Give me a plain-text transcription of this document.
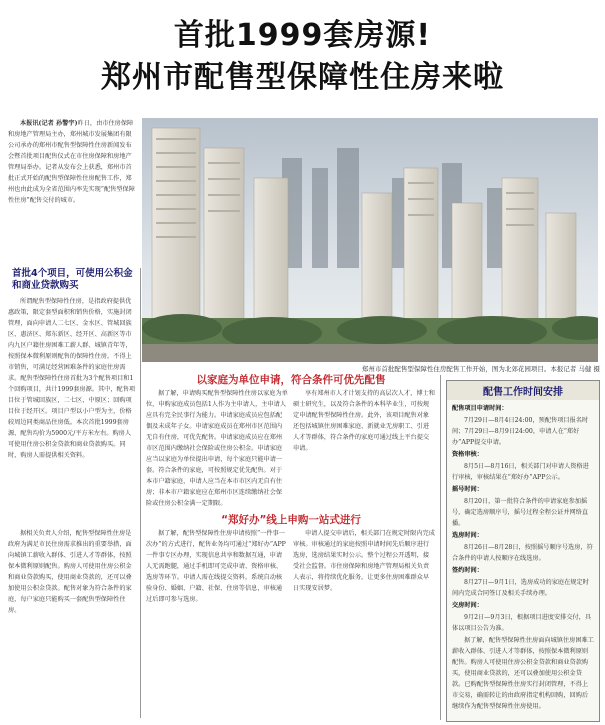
首批1999套房源!
郑州市配售型保障性住房来啦

本报讯(记者 孙警宇)昨日，由市住房保障和房地产管理局主办，郑州城市发展集团有限公司承办的郑州市配售型保障性住房新闻发布会暨首批项目配售仪式在市住房保障和房地产管理局举办。记者从发布会上获悉，郑州市首批正式开始的配售型保障性住房配售工作，郑州也由此成为全省范围内率先实现“配售型保障性住房”配售交付的城市。

郑州市首批配售型保障性住房配售工作开始，图为北郊花园项目。本报记者 马健 摄
首批4个项目，可使用公积金和商业贷款购买

所谓配售型保障性住房，是指政府提供优惠政策，限定套型面积和销售价格，实施封闭管理，面向申请人二七区、金水区、管城回族区、惠济区、郑东新区、经开区、高新区等市内九区户籍住房困难工薪人群、城镇青年等，按照保本微利原则配售的保障性住房。不得上市销售，可满足经营困难条件的家庭住房需求。配售型保障性住房首批为3个配售项目和1个回购项目，共计1999套房源。其中，配售项目位于管城回族区，二七区，中原区；回购项目位于经开区。项目户型以小户型为主，价格较周边同类商品住房低。本次首批1999套房源，配售均价为5900元/平方米左右。购房人可使用住房公积金贷款和商业贷款购买。同时，购房人需提供相关资料。

据相关负责人介绍，配售型保障性住房是政府为满足市民住房需求推出的重要举措，面向城镇工薪收入群体、引进人才等群体，按照保本微利原则配售。购房人可使用住房公积金和商业贷款购买，使用商业贷款的，还可以叠加使用公积金贷款。配售对象为符合条件的家庭，每户家庭只能购买一套配售型保障性住房。

以家庭为单位申请，符合条件可优先配售

据了解，申请购买配售型保障性住房以家庭为单位，申购家庭成员包括1人作为主申请人，主申请人应具有完全民事行为能力。申请家庭成员应包括配偶及未成年子女。申请家庭成员在郑州市区范围内无自有住房，可优先配售。申请家庭成员应在郑州市区范围内缴纳社会保险或住房公积金。申请家庭应当以家庭为单位提出申请，每个家庭只能申请一套。符合条件的家庭，可按照规定优先配售。对于本市户籍家庭，申请人应当在本市市区内无自有住房；非本市户籍家庭应在郑州市区连续缴纳社会保险或住房公积金满一定期限。

享有郑州市人才计划支持的高层次人才，博士和硕士研究生，以及符合条件的本科毕业生，可按规定申请配售型保障性住房。此外，该项目配售对象还包括城镇住房困难家庭、新就业无房职工、引进人才等群体，符合条件的家庭可通过线上平台提交申请。

“郑好办”线上申购一站式进行

据了解，配售型保障性住房申请按照“一件事一次办”的方式进行，配售业务均可通过“郑好办”APP一件事专区办理，实现信息共享和数据互通，申请人无需跑腿，通过手机即可完成申请、资格审核、选房等环节。申请人需在线提交资料，系统自动核验身份、婚姻、户籍、社保、住房等信息，审核通过后即可参与选房。

申请人提交申请后，相关部门在规定时限内完成审核。审核通过的家庭按照申请时间先后顺序进行选房，选房结果实时公示。整个过程公开透明，接受社会监督。市住房保障和房地产管理局相关负责人表示，将持续优化服务，让更多住房困难群众早日实现安居梦。

配售工作时间安排

配售项目申请时间：

7月29日—8月4日24:00，预配售项目报名时间；7月29日—8月9日24:00，申请人在“郑好办”APP提交申请。

资格审核：

8月5日—8月16日，相关部门对申请人资格进行审核，审核结果在“郑好办”APP公示。

摇号时间：

8月20日，第一批符合条件的申请家庭参加摇号，确定选房顺序号，摇号过程全程公证并网络直播。

选房时间：

8月26日—8月28日，按照摇号顺序号选房，符合条件的申请人按顺序在线选房。

签约时间：

8月27日—9月1日，选房成功的家庭在规定时间内完成合同签订及相关手续办理。

交房时间：

9月2日—9月3日，根据项目进度安排交付，具体以项目公告为准。

据了解，配售型保障性住房面向城镇住房困难工薪收入群体、引进人才等群体，按照保本微利原则配售。购房人可使用住房公积金贷款和商业贷款购买，使用商业贷款的，还可以叠加使用公积金贷款。已购配售型保障性住房实行封闭管理，不得上市交易，确需转让的由政府指定机构回购，回购后继续作为配售型保障性住房使用。
